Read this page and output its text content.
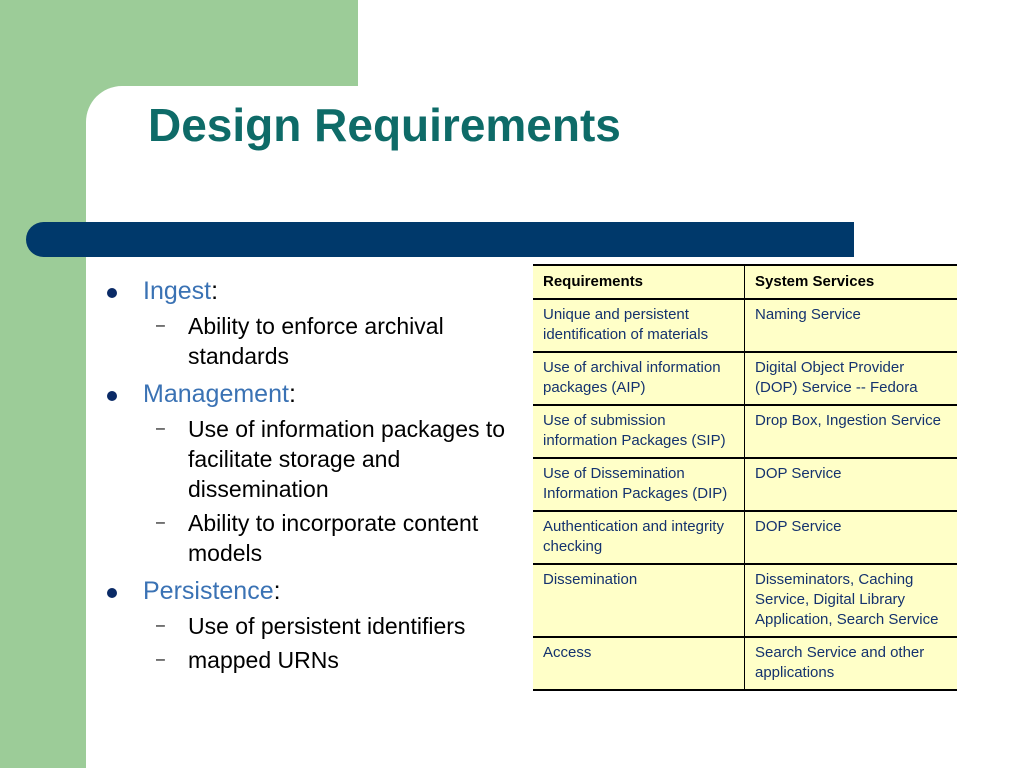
Design Requirements
Ingest:
– Ability to enforce archival standards
Management:
– Use of information packages to facilitate storage and dissemination
– Ability to incorporate content models
Persistence:
– Use of persistent identifiers
– mapped URNs
Requirements	System Services
Unique and persistent identification of materials	Naming Service
Use of archival information packages (AIP)	Digital Object Provider (DOP) Service -- Fedora
Use of submission information Packages (SIP)	Drop Box, Ingestion Service
Use of Dissemination Information Packages (DIP)	DOP Service
Authentication and integrity checking	DOP Service
Dissemination	Disseminators, Caching Service, Digital Library Application, Search Service
Access	Search Service and other applications
